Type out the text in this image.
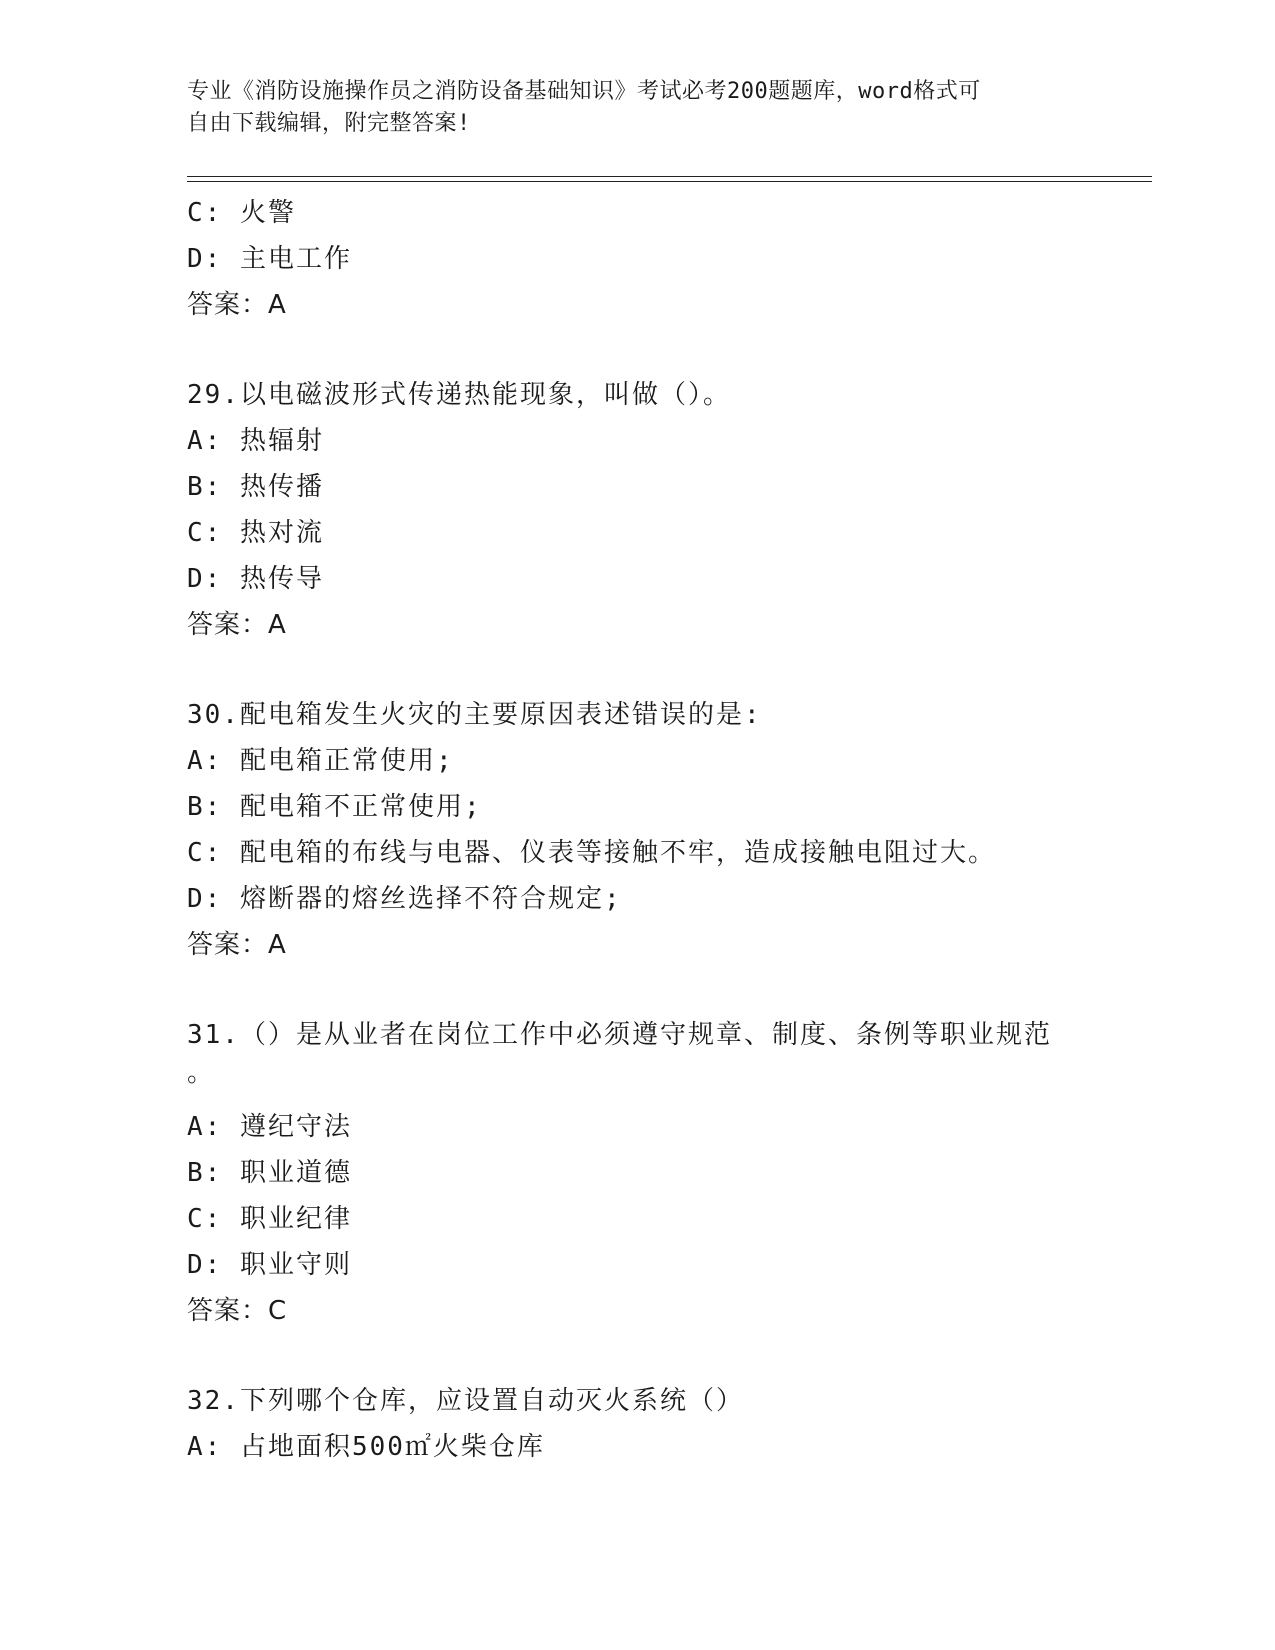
专业《消防设施操作员之消防设备基础知识》考试必考200题题库，word格式可
自由下载编辑，附完整答案!
C: 火警
D: 主电工作
答案：A
29.以电磁波形式传递热能现象，叫做（）。
A: 热辐射
B: 热传播
C: 热对流
D: 热传导
答案：A
30.配电箱发生火灾的主要原因表述错误的是:
A: 配电箱正常使用;
B: 配电箱不正常使用;
C: 配电箱的布线与电器、仪表等接触不牢，造成接触电阻过大。
D: 熔断器的熔丝选择不符合规定;
答案：A
31.（）是从业者在岗位工作中必须遵守规章、制度、条例等职业规范
。
A: 遵纪守法
B: 职业道德
C: 职业纪律
D: 职业守则
答案：C
32.下列哪个仓库，应设置自动灭火系统（）
A: 占地面积500㎡火柴仓库
